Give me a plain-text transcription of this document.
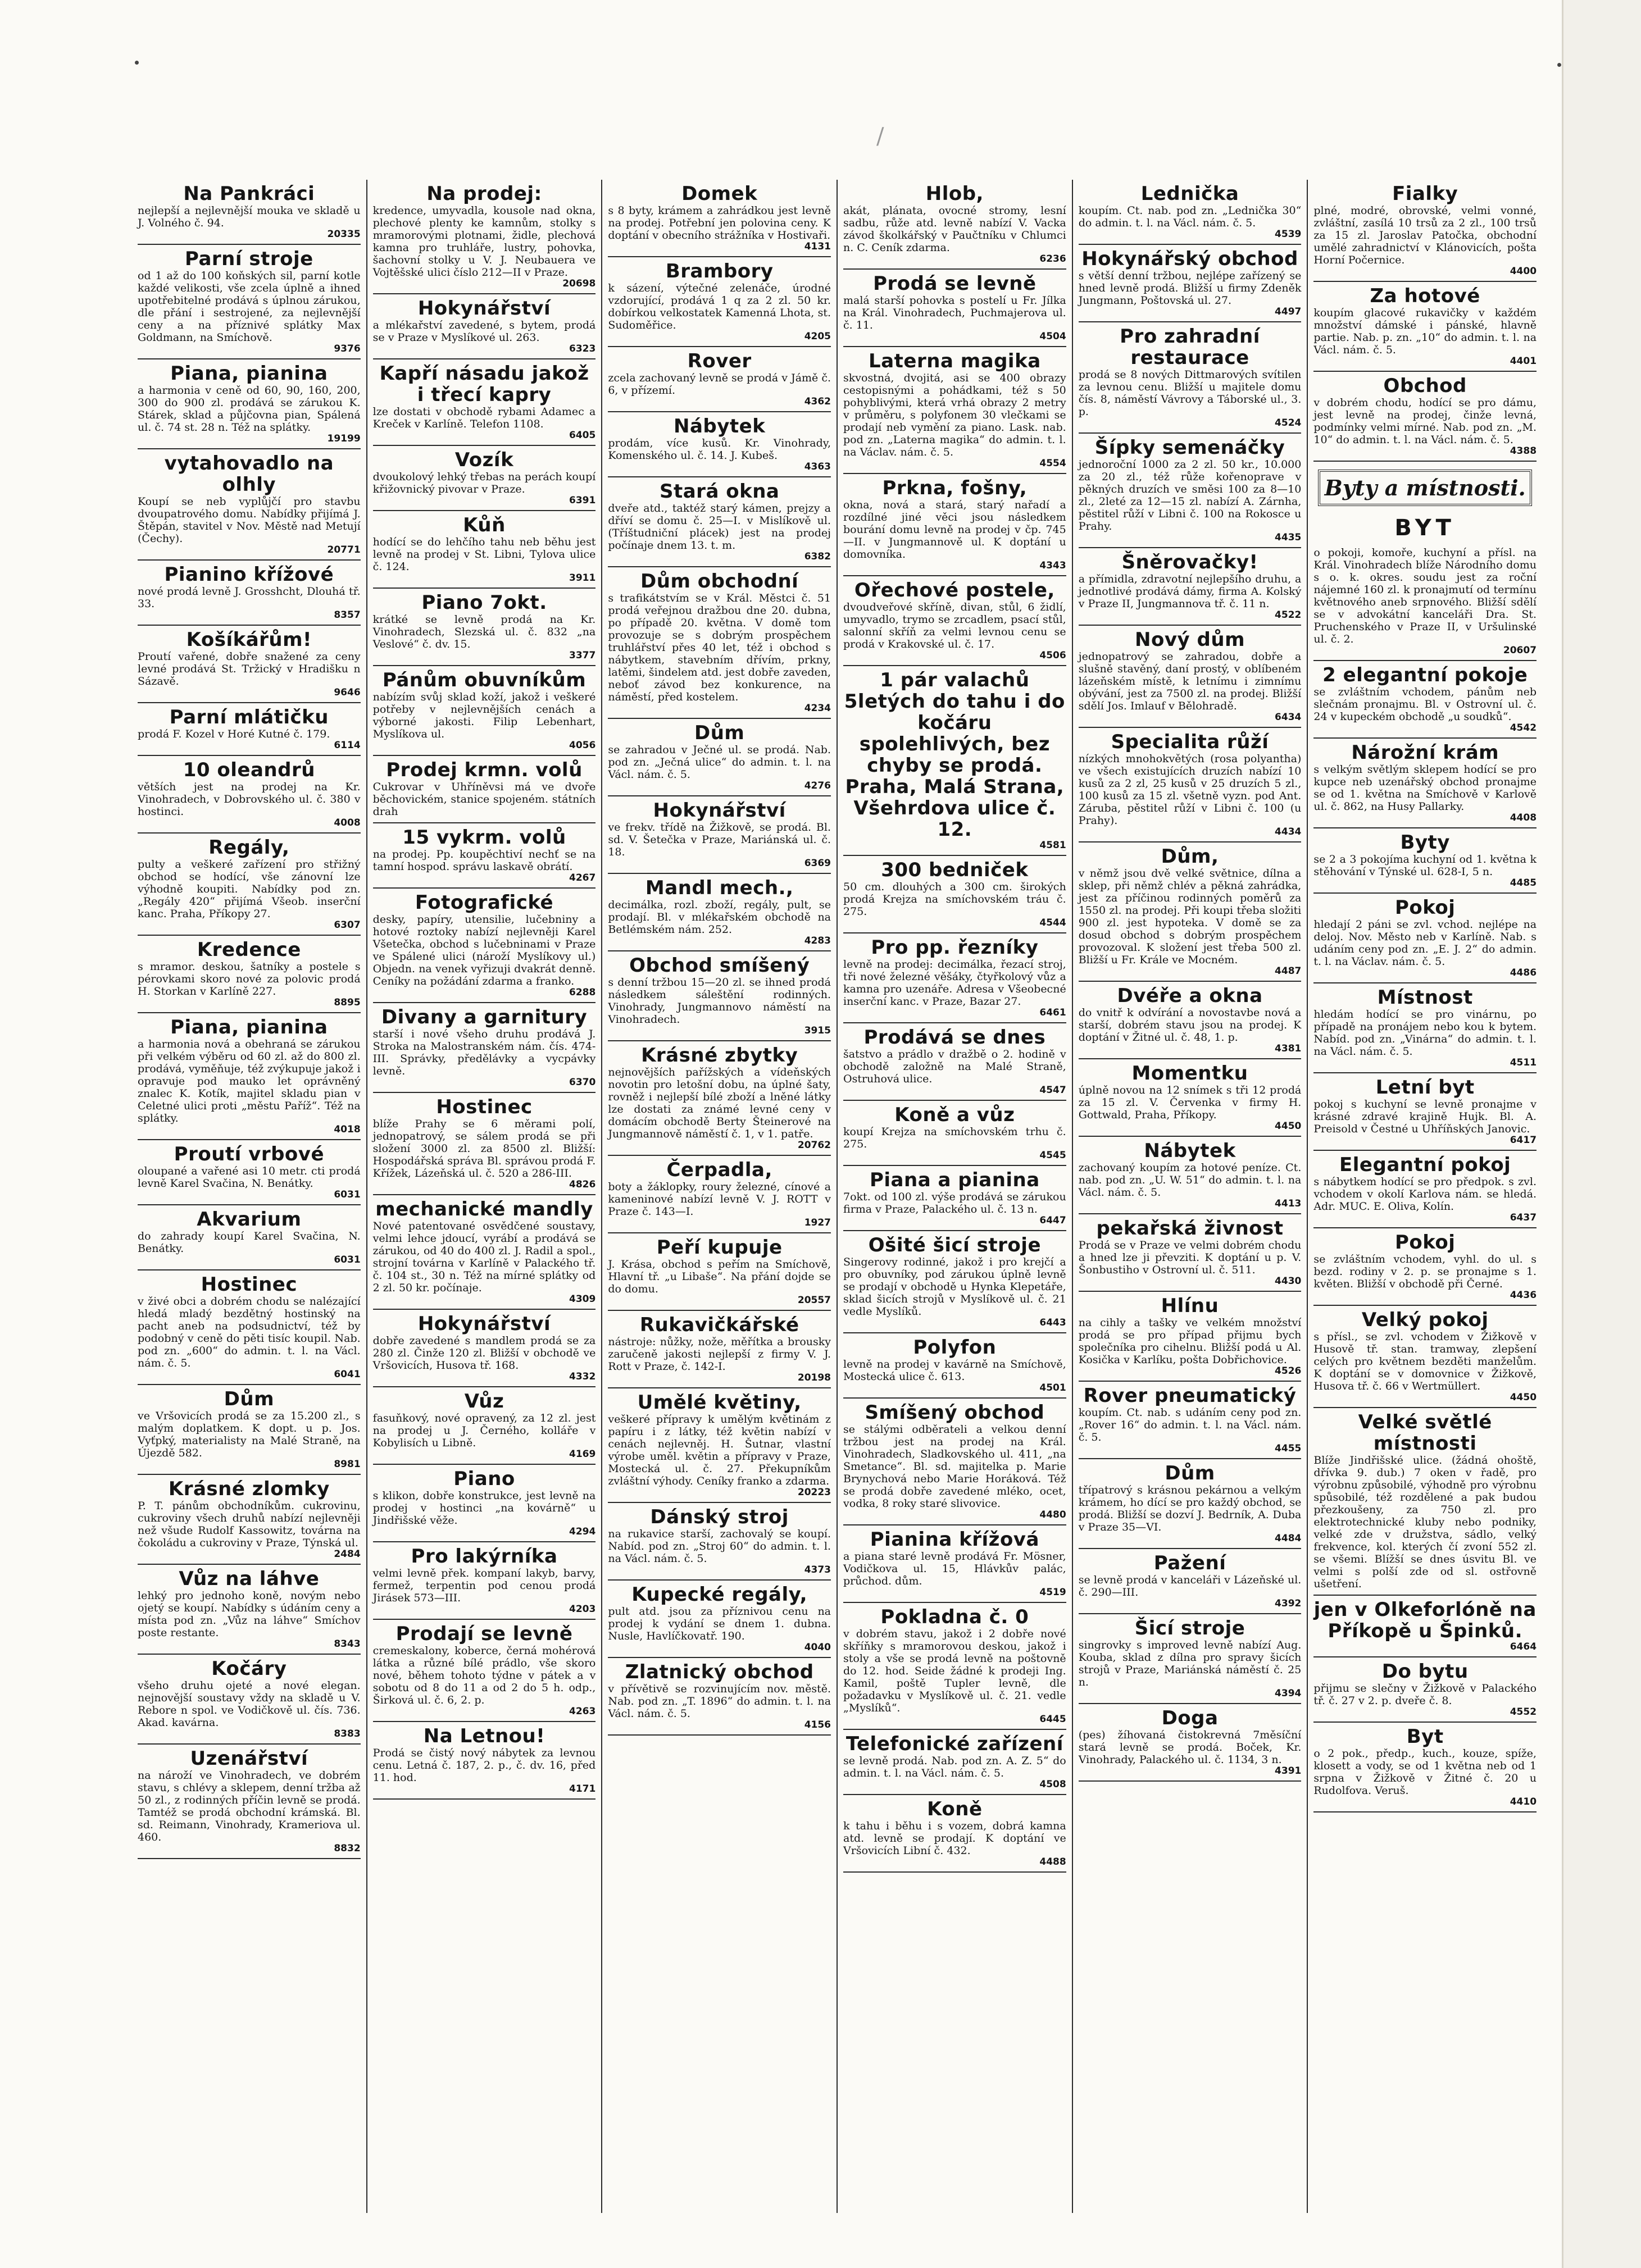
/
Na Pankráci
nejlepší a nejlevnější mouka ve skladě u J. Volného č. 94.
20335
Parní stroje
od 1 až do 100 koňských sil, parní kotle každé velikosti, vše zcela úplně a ihned upotřebitelné prodává s úplnou zárukou, dle přání i sestrojené, za nejlevnější ceny a na příznivé splátky Max Goldmann, na Smíchově.
9376
Piana, pianina
a harmonia v ceně od 60, 90, 160, 200, 300 do 900 zl. prodává se zárukou K. Stárek, sklad a půjčovna pian, Spálená ul. č. 74 st. 28 n. Též na splátky.
19199
vytahovadlo na olhly
Koupí se neb vyplůjčí pro stavbu dvoupatrového domu. Nabídky přijímá J. Štěpán, stavitel v Nov. Městě nad Metují (Čechy).
20771
Pianino křížové
nové prodá levně J. Grosshcht, Dlouhá tř. 33.
8357
Košíkářům!
Proutí vařené, dobře snažené za ceny levné prodává St. Tržický v Hradišku n Sázavě.
9646
Parní mlátičku
prodá F. Kozel v Horé Kutné č. 179.
6114
10 oleandrů
větších jest na prodej na Kr. Vinohradech, v Dobrovského ul. č. 380 v hostinci.
4008
Regály,
pulty a veškeré zařízení pro střižný obchod se hodící, vše zánovní lze výhodně koupiti. Nabídky pod zn. „Regály 420“ přijímá Všeob. inserční kanc. Praha, Příkopy 27.
6307
Kredence
s mramor. deskou, šatníky a postele s pérovkami skoro nové za polovic prodá H. Storkan v Karlíně 227.
8895
Piana, pianina
a harmonia nová a obehraná se zárukou při velkém výběru od 60 zl. až do 800 zl. prodává, vyměňuje, též zvýkupuje jakož i opravuje pod mauko let oprávněný znalec K. Kotík, majitel skladu pian v Celetné ulici proti „městu Paříž“. Též na splátky.
4018
Proutí vrbové
oloupané a vařené asi 10 metr. cti prodá levně Karel Svačina, N. Benátky.
6031
Akvarium
do zahrady koupí Karel Svačina, N. Benátky.
6031
Hostinec
v živé obci a dobrém chodu se nalézající hledá mladý bezdětný hostinský na pacht aneb na podsudnictví, též by podobný v ceně do pěti tisíc koupil. Nab. pod zn. „600“ do admin. t. l. na Václ. nám. č. 5.
6041
Dům
ve Vršovicích prodá se za 15.200 zl., s malým doplatkem. K dopt. u p. Jos. Vyťpký, materialisty na Malé Straně, na Újezdě 582.
8981
Krásné zlomky
P. T. pánům obchodníkům. cukrovinu, cukroviny všech druhů nabízí nejlevněji než všude Rudolf Kassowitz, továrna na čokoládu a cukroviny v Praze, Týnská ul.
2484
Vůz na láhve
lehký pro jednoho koně, novým nebo ojetý se koupí. Nabídky s údáním ceny a místa pod zn. „Vůz na láhve“ Smíchov poste restante.
8343
Kočáry
všeho druhu ojeté a nové elegan. nejnovější soustavy vždy na skladě u V. Rebore n spol. ve Vodičkově ul. čís. 736. Akad. kavárna.
8383
Uzenářství
na nároží ve Vinohradech, ve dobrém stavu, s chlévy a sklepem, denní tržba až 50 zl., z rodinných příčin levně se prodá. Tamtéž se prodá obchodní krámská. Bl. sd. Reimann, Vinohrady, Krameriova ul. 460.
8832
Na prodej:
kredence, umyvadla, kousole nad okna, plechové plenty ke kamnům, stolky s mramorovými plotnami, židle, plechová kamna pro truhláře, lustry, pohovka, šachovní stolky u V. J. Neubauera ve Vojtěšské ulici číslo 212—II v Praze.
20698
Hokynářství
a mlékařství zavedené, s bytem, prodá se v Praze v Myslíkové ul. 263.
6323
Kapří násadu jakož i třecí kapry
lze dostati v obchodě rybami Adamec a Kreček v Karlíně. Telefon 1108.
6405
Vozík
dvoukolový lehký třebas na perách koupí křižovnický pivovar v Praze.
6391
Kůň
hodící se do lehčího tahu neb běhu jest levně na prodej v St. Libni, Tylova ulice č. 124.
3911
Piano 7okt.
krátké se levně prodá na Kr. Vinohradech, Slezská ul. č. 832 „na Veslové“ č. dv. 15.
3377
Pánům obuvníkům
nabízím svůj sklad koží, jakož i veškeré potřeby v nejlevnějších cenách a výborné jakosti. Filip Lebenhart, Myslíkova ul.
4056
Prodej krmn. volů
Cukrovar v Uhříněvsi má ve dvoře běchovickém, stanice spojeném. státních drah
15 vykrm. volů
na prodej. Pp. koupěchtiví nechť se na tamní hospod. správu laskavě obrátí.
4267
Fotografické
desky, papíry, utensilie, lučebniny a hotové roztoky nabízí nejlevněji Karel Všetečka, obchod s lučebninami v Praze ve Spálené ulici (nároží Myslíkovy ul.) Objedn. na venek vyřizuji dvakrát denně. Ceníky na požádání zdarma a franko.
6288
Divany a garnitury
starší i nové všeho druhu prodává J. Stroka na Malostranském nám. čís. 474-III. Správky, předělávky a vycpávky levně.
6370
Hostinec
blíže Prahy se 6 měrami polí, jednopatrový, se sálem prodá se při složení 3000 zl. za 8500 zl. Bližší: Hospodářská správa Bl. správou prodá F. Křížek, Lázeňská ul. č. 520 a 286-III.
4826
mechanické mandly
Nové patentované osvědčené soustavy, velmi lehce jdoucí, vyrábí a prodává se zárukou, od 40 do 400 zl. J. Radil a spol., strojní továrna v Karlíně v Palackého tř. č. 104 st., 30 n. Též na mírné splátky od 2 zl. 50 kr. počínaje.
4309
Hokynářství
dobře zavedené s mandlem prodá se za 280 zl. Činže 120 zl. Bližší v obchodě ve Vršovicích, Husova tř. 168.
4332
Vůz
fasuňkový, nové opravený, za 12 zl. jest na prodej u J. Černého, kolláře v Kobylisích u Libně.
4169
Piano
s klikon, dobře konstrukce, jest levně na prodej v hostinci „na kovárně“ u Jindřišské věže.
4294
Pro lakýrníka
velmi levně přek. kompaní lakyb, barvy, fermež, terpentin pod cenou prodá Jirásek 573—III.
4203
Prodají se levně
cremeskalony, koberce, černá mohérová látka a různé bílé prádlo, vše skoro nové, během tohoto týdne v pátek a v sobotu od 8 do 11 a od 2 do 5 h. odp., Širková ul. č. 6, 2. p.
4263
Na Letnou!
Prodá se čistý nový nábytek za levnou cenu. Letná č. 187, 2. p., č. dv. 16, před 11. hod.
4171
Domek
s 8 byty, krámem a zahrádkou jest levně na prodej. Potřební jen polovina ceny. K doptání v obecního strážníka v Hostivaři.
4131
Brambory
k sázení, výtečné zelenáče, úrodné vzdorující, prodává 1 q za 2 zl. 50 kr. dobírkou velkostatek Kamenná Lhota, st. Sudoměřice.
4205
Rover
zcela zachovaný levně se prodá v Jámě č. 6, v přízemí.
4362
Nábytek
prodám, více kusů. Kr. Vinohrady, Komenského ul. č. 14. J. Kubeš.
4363
Stará okna
dveře atd., taktéž starý kámen, prejzy a dříví se domu č. 25—I. v Mislíkově ul. (Tříštudniční plácek) jest na prodej počínaje dnem 13. t. m.
6382
Dům obchodní
s trafikátstvím se v Král. Městci č. 51 prodá veřejnou dražbou dne 20. dubna, po případě 20. května. V domě tom provozuje se s dobrým prospěchem truhlářství přes 40 let, též i obchod s nábytkem, stavebním dřívím, prkny, latěmi, šindelem atd. jest dobře zaveden, neboť závod bez konkurence, na náměstí, před kostelem.
4234
Dům
se zahradou v Ječné ul. se prodá. Nab. pod zn. „Ječná ulice“ do admin. t. l. na Václ. nám. č. 5.
4276
Hokynářství
ve frekv. třídě na Žižkově, se prodá. Bl. sd. V. Šetečka v Praze, Mariánská ul. č. 18.
6369
Mandl mech.,
decimálka, rozl. zboží, regály, pult, se prodají. Bl. v mlékařském obchodě na Betlémském nám. 252.
4283
Obchod smíšený
s denní tržbou 15—20 zl. se ihned prodá následkem sáleštění rodinných. Vinohrady, Jungmannovo náměstí na Vinohradech.
3915
Krásné zbytky
nejnovějších pařížských a vídeňských novotin pro letošní dobu, na úplné šaty, rovněž i nejlepší bílé zboží a lněné látky lze dostati za známé levné ceny v domácím obchodě Berty Šteinerové na Jungmannově náměstí č. 1, v 1. patře.
20762
Čerpadla,
boty a žáklopky, roury železné, cínové a kameninové nabízí levně V. J. ROTT v Praze č. 143—I.
1927
Peří kupuje
J. Krása, obchod s peřím na Smíchově, Hlavní tř. „u Libaše“. Na přání dojde se do domu.
20557
Rukavičkářské
nástroje: nůžky, nože, měřítka a brousky zaručeně jakosti nejlepší z firmy V. J. Rott v Praze, č. 142-I.
20198
Umělé květiny,
veškeré přípravy k umělým květinám z papíru i z látky, též květin nabízí v cenách nejlevněj. H. Šutnar, vlastní výrobe uměl. květin a přípravy v Praze, Mostecká ul. č. 27. Překupníkům zvláštní výhody. Ceníky franko a zdarma.
20223
Dánský stroj
na rukavice starší, zachovalý se koupí. Nabíd. pod zn. „Stroj 60“ do admin. t. l. na Václ. nám. č. 5.
4373
Kupecké regály,
pult atd. jsou za příznivou cenu na prodej k vydání se dnem 1. dubna. Nusle, Havlíčkovatř. 190.
4040
Zlatnický obchod
v přívětivě se rozvinujícím nov. městě. Nab. pod zn. „T. 1896“ do admin. t. l. na Václ. nám. č. 5.
4156
Hlob,
akát, plánata, ovocné stromy, lesní sadbu, růže atd. levně nabízí V. Vacka závod školkářský v Paučtníku v Chlumci n. C. Ceník zdarma.
6236
Prodá se levně
malá starší pohovka s postelí u Fr. Jílka na Král. Vinohradech, Puchmajerova ul. č. 11.
4504
Laterna magika
skvostná, dvojitá, asi se 400 obrazy cestopisnými a pohádkami, též s 50 pohyblivými, která vrhá obrazy 2 metry v průměru, s polyfonem 30 vlečkami se prodají neb vymění za piano. Lask. nab. pod zn. „Laterna magika“ do admin. t. l. na Václav. nám. č. 5.
4554
Prkna, fošny,
okna, nová a stará, starý nařadí a rozdílné jiné věci jsou následkem bourání domu levně na prodej v čp. 745—II. v Jungmannově ul. K doptání u domovníka.
4343
Ořechové postele,
dvoudveřové skříně, divan, stůl, 6 židlí, umyvadlo, trymo se zrcadlem, psací stůl, salonní skříň za velmi levnou cenu se prodá v Krakovské ul. č. 17.
4506
1 pár valachů 5letých do tahu i do kočáru spolehlivých, bez chyby se prodá. Praha, Malá Strana, Všehrdova ulice č. 12.
4581
300 bedniček
50 cm. dlouhých a 300 cm. širokých prodá Krejza na smíchovském tráu č. 275.
4544
Pro pp. řezníky
levně na prodej: decimálka, řezací stroj, tři nové železné věšáky, čtyřkolový vůz a kamna pro uzenáře. Adresa v Všeobecné inserční kanc. v Praze, Bazar 27.
6461
Prodává se dnes
šatstvo a prádlo v dražbě o 2. hodině v obchodě založně na Malé Straně, Ostruhová ulice.
4547
Koně a vůz
koupí Krejza na smíchovském trhu č. 275.
4545
Piana a pianina
7okt. od 100 zl. výše prodává se zárukou firma v Praze, Palackého ul. č. 13 n.
6447
Ošité šicí stroje
Singerovy rodinné, jakož i pro krejčí a pro obuvníky, pod zárukou úplně levně se prodají v obchodě u Hynka Klepetáře, sklad šicích strojů v Myslíkově ul. č. 21 vedle Myslíků.
6443
Polyfon
levně na prodej v kavárně na Smíchově, Mostecká ulice č. 613.
4501
Smíšený obchod
se stálými odběrateli a velkou denní tržbou jest na prodej na Král. Vinohradech, Sladkovského ul. 411, „na Smetance“. Bl. sd. majitelka p. Marie Brynychová nebo Marie Horáková. Též se prodá dobře zavedené mléko, ocet, vodka, 8 roky staré slivovice.
4480
Pianina křížová
a piana staré levně prodává Fr. Mösner, Vodičkova ul. 15, Hlávkův palác, průchod. dům.
4519
Pokladna č. 0
v dobrém stavu, jakož i 2 dobře nové skříňky s mramorovou deskou, jakož i stoly a vše se prodá levně na poštovně do 12. hod. Seide žádné k prodeji Ing. Kamil, poště Tupler levně, dle požadavku v Myslíkově ul. č. 21. vedle „Myslíků“.
6445
Telefonické zařízení
se levně prodá. Nab. pod zn. A. Z. 5“ do admin. t. l. na Václ. nám. č. 5.
4508
Koně
k tahu i běhu i s vozem, dobrá kamna atd. levně se prodají. K doptání ve Vršovicích Libní č. 432.
4488
Lednička
koupím. Ct. nab. pod zn. „Lednička 30“ do admin. t. l. na Václ. nám. č. 5.
4539
Hokynářský obchod
s větší denní tržbou, nejlépe zařízený se hned levně prodá. Bližší u firmy Zdeněk Jungmann, Poštovská ul. 27.
4497
Pro zahradní restaurace
prodá se 8 nových Dittmarových svítilen za levnou cenu. Bližší u majitele domu čís. 8, náměstí Vávrovy a Táborské ul., 3. p.
4524
Šípky semenáčky
jednoroční 1000 za 2 zl. 50 kr., 10.000 za 20 zl., též růže kořenoprave v pěkných druzích ve směsi 100 za 8—10 zl., 2leté za 12—15 zl. nabízí A. Zárnha, pěstitel růží v Libni č. 100 na Rokosce u Prahy.
4435
Šněrovačky!
a přímidla, zdravotní nejlepšího druhu, a jednotlivé prodává dámy, firma A. Kolský v Praze II, Jungmannova tř. č. 11 n.
4522
Nový dům
jednopatrový se zahradou, dobře a slušně stavěný, daní prostý, v oblíbeném lázeňském místě, k letnímu i zimnímu obývání, jest za 7500 zl. na prodej. Bližší sdělí Jos. Imlauf v Bělohradě.
6434
Specialita růží
nízkých mnohokvětých (rosa polyantha) ve všech existujících druzích nabízí 10 kusů za 2 zl, 25 kusů v 25 druzích 5 zl., 100 kusů za 15 zl. všetně vyzn. pod Ant. Záruba, pěstitel růží v Libni č. 100 (u Prahy).
4434
Dům,
v němž jsou dvě velké světnice, dílna a sklep, při němž chlév a pěkná zahrádka, jest za příčinou rodinných poměrů za 1550 zl. na prodej. Při koupi třeba složiti 900 zl. jest hypoteka. V domě se za dosud obchod s dobrým prospěchem provozoval. K složení jest třeba 500 zl. Bližší u Fr. Krále ve Mocném.
4487
Dvéře a okna
do vnitř k odvírání a novostavbe nová a starší, dobrém stavu jsou na prodej. K doptání v Žitné ul. č. 48, 1. p.
4381
Momentku
úplně novou na 12 snímek s tři 12 prodá za 15 zl. V. Červenka v firmy H. Gottwald, Praha, Příkopy.
4450
Nábytek
zachovaný koupím za hotové peníze. Ct. nab. pod zn. „U. W. 51“ do admin. t. l. na Václ. nám. č. 5.
4413
pekařská živnost
Prodá se v Praze ve velmi dobrém chodu a hned lze ji převziti. K doptání u p. V. Šonbustiho v Ostrovní ul. č. 511.
4430
Hlínu
na cihly a tašky ve velkém množství prodá se pro případ přijmu bych společníka pro cihelnu. Bližší podá u Al. Kosička v Karlíku, pošta Dobřichovice.
4526
Rover pneumatický
koupím. Ct. nab. s udáním ceny pod zn. „Rover 16“ do admin. t. l. na Václ. nám. č. 5.
4455
Dům
třípatrový s krásnou pekárnou a velkým krámem, ho dící se pro každý obchod, se prodá. Bližší se dozví J. Bedrník, A. Duba v Praze 35—VI.
4484
Pažení
se levně prodá v kanceláři v Lázeňské ul. č. 290—III.
4392
Šicí stroje
singrovky s improved levně nabízí Aug. Kouba, sklad z dílna pro spravy šicích strojů v Praze, Mariánská náměstí č. 25 n.
4394
Doga
(pes) žíhovaná čistokrevná 7měsíční stará levně se prodá. Boček, Kr. Vinohrady, Palackého ul. č. 1134, 3 n.
4391
Fialky
plné, modré, obrovské, velmi vonné, zvláštní, zasílá 10 trsů za 2 zl., 100 trsů za 15 zl. Jaroslav Patočka, obchodní umělé zahradnictví v Klánovicích, pošta Horní Počernice.
4400
Za hotové
koupím glacové rukavičky v každém množství dámské i pánské, hlavně partie. Nab. p. zn. „10“ do admin. t. l. na Václ. nám. č. 5.
4401
Obchod
v dobrém chodu, hodící se pro dámu, jest levně na prodej, činže levná, podmínky velmi mírné. Nab. pod zn. „M. 10“ do admin. t. l. na Václ. nám. č. 5.
4388
Byty a místnosti.
BYT
o pokoji, komoře, kuchyní a přísl. na Král. Vinohradech blíže Národního domu s o. k. okres. soudu jest za roční nájemné 160 zl. k pronajmutí od termínu květnového aneb srpnového. Bližší sdělí se v advokátní kanceláři Dra. St. Pruchenského v Praze II, v Uršulinské ul. č. 2.
20607
2 elegantní pokoje
se zvláštním vchodem, pánům neb slečnám pronajmu. Bl. v Ostrovní ul. č. 24 v kupeckém obchodě „u soudků“.
4542
Nárožní krám
s velkým světlým sklepem hodící se pro kupce neb uzenářský obchod pronajme se od 1. května na Smíchově v Karlově ul. č. 862, na Husy Pallarky.
4408
Byty
se 2 a 3 pokojíma kuchyní od 1. května k stěhování v Týnské ul. 628-I, 5 n.
4485
Pokoj
hledají 2 páni se zvl. vchod. nejlépe na deloj. Nov. Město neb v Karlíně. Nab. s udáním ceny pod zn. „E. J. 2“ do admin. t. l. na Václav. nám. č. 5.
4486
Místnost
hledám hodící se pro vinárnu, po případě na pronájem nebo kou k bytem. Nabíd. pod zn. „Vinárna“ do admin. t. l. na Václ. nám. č. 5.
4511
Letní byt
pokoj s kuchyní se levně pronajme v krásné zdravé krajině Hujk. Bl. A. Preisold v Čestné u Uhříňských Janovic.
6417
Elegantní pokoj
s nábytkem hodící se pro předpok. s zvl. vchodem v okolí Karlova nám. se hledá. Adr. MUC. E. Oliva, Kolín.
6437
Pokoj
se zvláštním vchodem, vyhl. do ul. s bezd. rodiny v 2. p. se pronajme s 1. květen. Bližší v obchodě při Černé.
4436
Velký pokoj
s přísl., se zvl. vchodem v Žižkově v Husově tř. stan. tramway, zlepšení celých pro květnem bezděti manželům. K doptání se v domovnice v Žižkově, Husova tř. č. 66 v Wertmüllert.
4450
Velké světlé místnosti
Blíže Jindřišské ulice. (žádná ohoště, dřívka 9. dub.) 7 oken v řadě, pro výrobnu způsobilé, výhodně pro výrobnu spůsobilé, též rozdělené a pak budou přezkoušeny, za 750 zl. pro elektrotechnické kluby nebo podniky, velké zde v družstva, sádlo, velký frekvence, kol. kterých čí zvoní 552 zl. se všemi. Blížší se dnes úsvitu Bl. ve velmi s polší zde od sl. ostřovně ušetření.
jen v Olkeforlóně na Příkopě u Špinků.
6464
Do bytu
přijmu se slečny v Žižkově v Palackého tř. č. 27 v 2. p. dveře č. 8.
4552
Byt
o 2 pok., předp., kuch., kouze, spíže, klosett a vody, se od 1 května neb od 1 srpna v Žižkově v Žitné č. 20 u Rudolfova. Veruš.
4410
